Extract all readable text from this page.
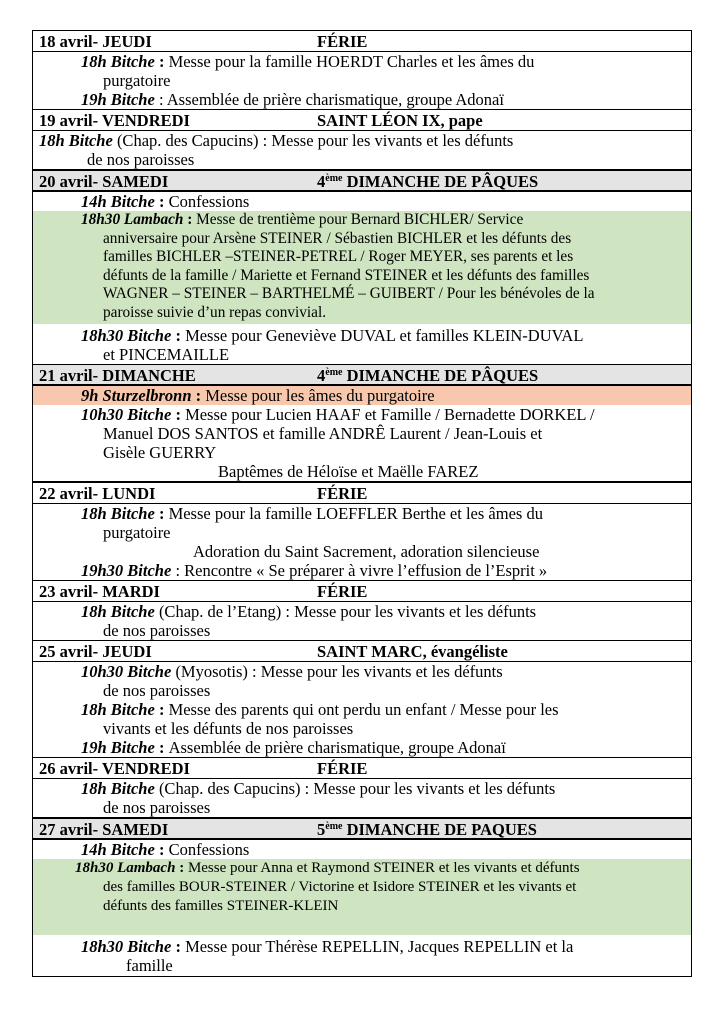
18 avril- JEUDI	FÉRIE
18h Bitche : Messe pour la famille HOERDT Charles et les âmes du
purgatoire
19h Bitche : Assemblée de prière charismatique, groupe Adonaï
19 avril- VENDREDI	SAINT LÉON IX, pape
18h Bitche (Chap. des Capucins) : Messe pour les vivants et les défunts
de nos paroisses
20 avril- SAMEDI	4ème DIMANCHE DE PÂQUES
14h Bitche : Confessions
18h30 Lambach : Messe de trentième pour Bernard BICHLER/ Service
anniversaire pour Arsène STEINER / Sébastien BICHLER et les défunts des
familles BICHLER –STEINER-PETREL / Roger MEYER, ses parents et les
défunts de la famille / Mariette et Fernand STEINER et les défunts des familles
WAGNER – STEINER – BARTHELMÉ – GUIBERT / Pour les bénévoles de la
paroisse suivie d’un repas convivial.
18h30 Bitche : Messe pour Geneviève DUVAL et familles KLEIN-DUVAL
et PINCEMAILLE
21 avril- DIMANCHE	4ème DIMANCHE DE PÂQUES
9h Sturzelbronn : Messe pour les âmes du purgatoire
10h30 Bitche : Messe pour Lucien HAAF et Famille / Bernadette DORKEL /
Manuel DOS SANTOS et famille ANDRÊ Laurent / Jean-Louis et
Gisèle GUERRY
Baptêmes de Héloïse et Maëlle FAREZ
22 avril- LUNDI	FÉRIE
18h Bitche : Messe pour la famille LOEFFLER Berthe et les âmes du
purgatoire
Adoration du Saint Sacrement, adoration silencieuse
19h30 Bitche : Rencontre « Se préparer à vivre l’effusion de l’Esprit »
23 avril- MARDI	FÉRIE
18h Bitche (Chap. de l’Etang) : Messe pour les vivants et les défunts
de nos paroisses
25 avril- JEUDI	SAINT MARC, évangéliste
10h30 Bitche (Myosotis) : Messe pour les vivants et les défunts
de nos paroisses
18h Bitche : Messe des parents qui ont perdu un enfant / Messe pour les
vivants et les défunts de nos paroisses
19h Bitche : Assemblée de prière charismatique, groupe Adonaï
26 avril- VENDREDI	FÉRIE
18h Bitche (Chap. des Capucins) : Messe pour les vivants et les défunts
de nos paroisses
27 avril- SAMEDI	5ème DIMANCHE DE PAQUES
14h Bitche : Confessions
18h30 Lambach : Messe pour Anna et Raymond STEINER et les vivants et défunts
des familles BOUR-STEINER / Victorine et Isidore STEINER et les vivants et
défunts des familles STEINER-KLEIN
18h30 Bitche : Messe pour Thérèse REPELLIN, Jacques REPELLIN et la
famille
